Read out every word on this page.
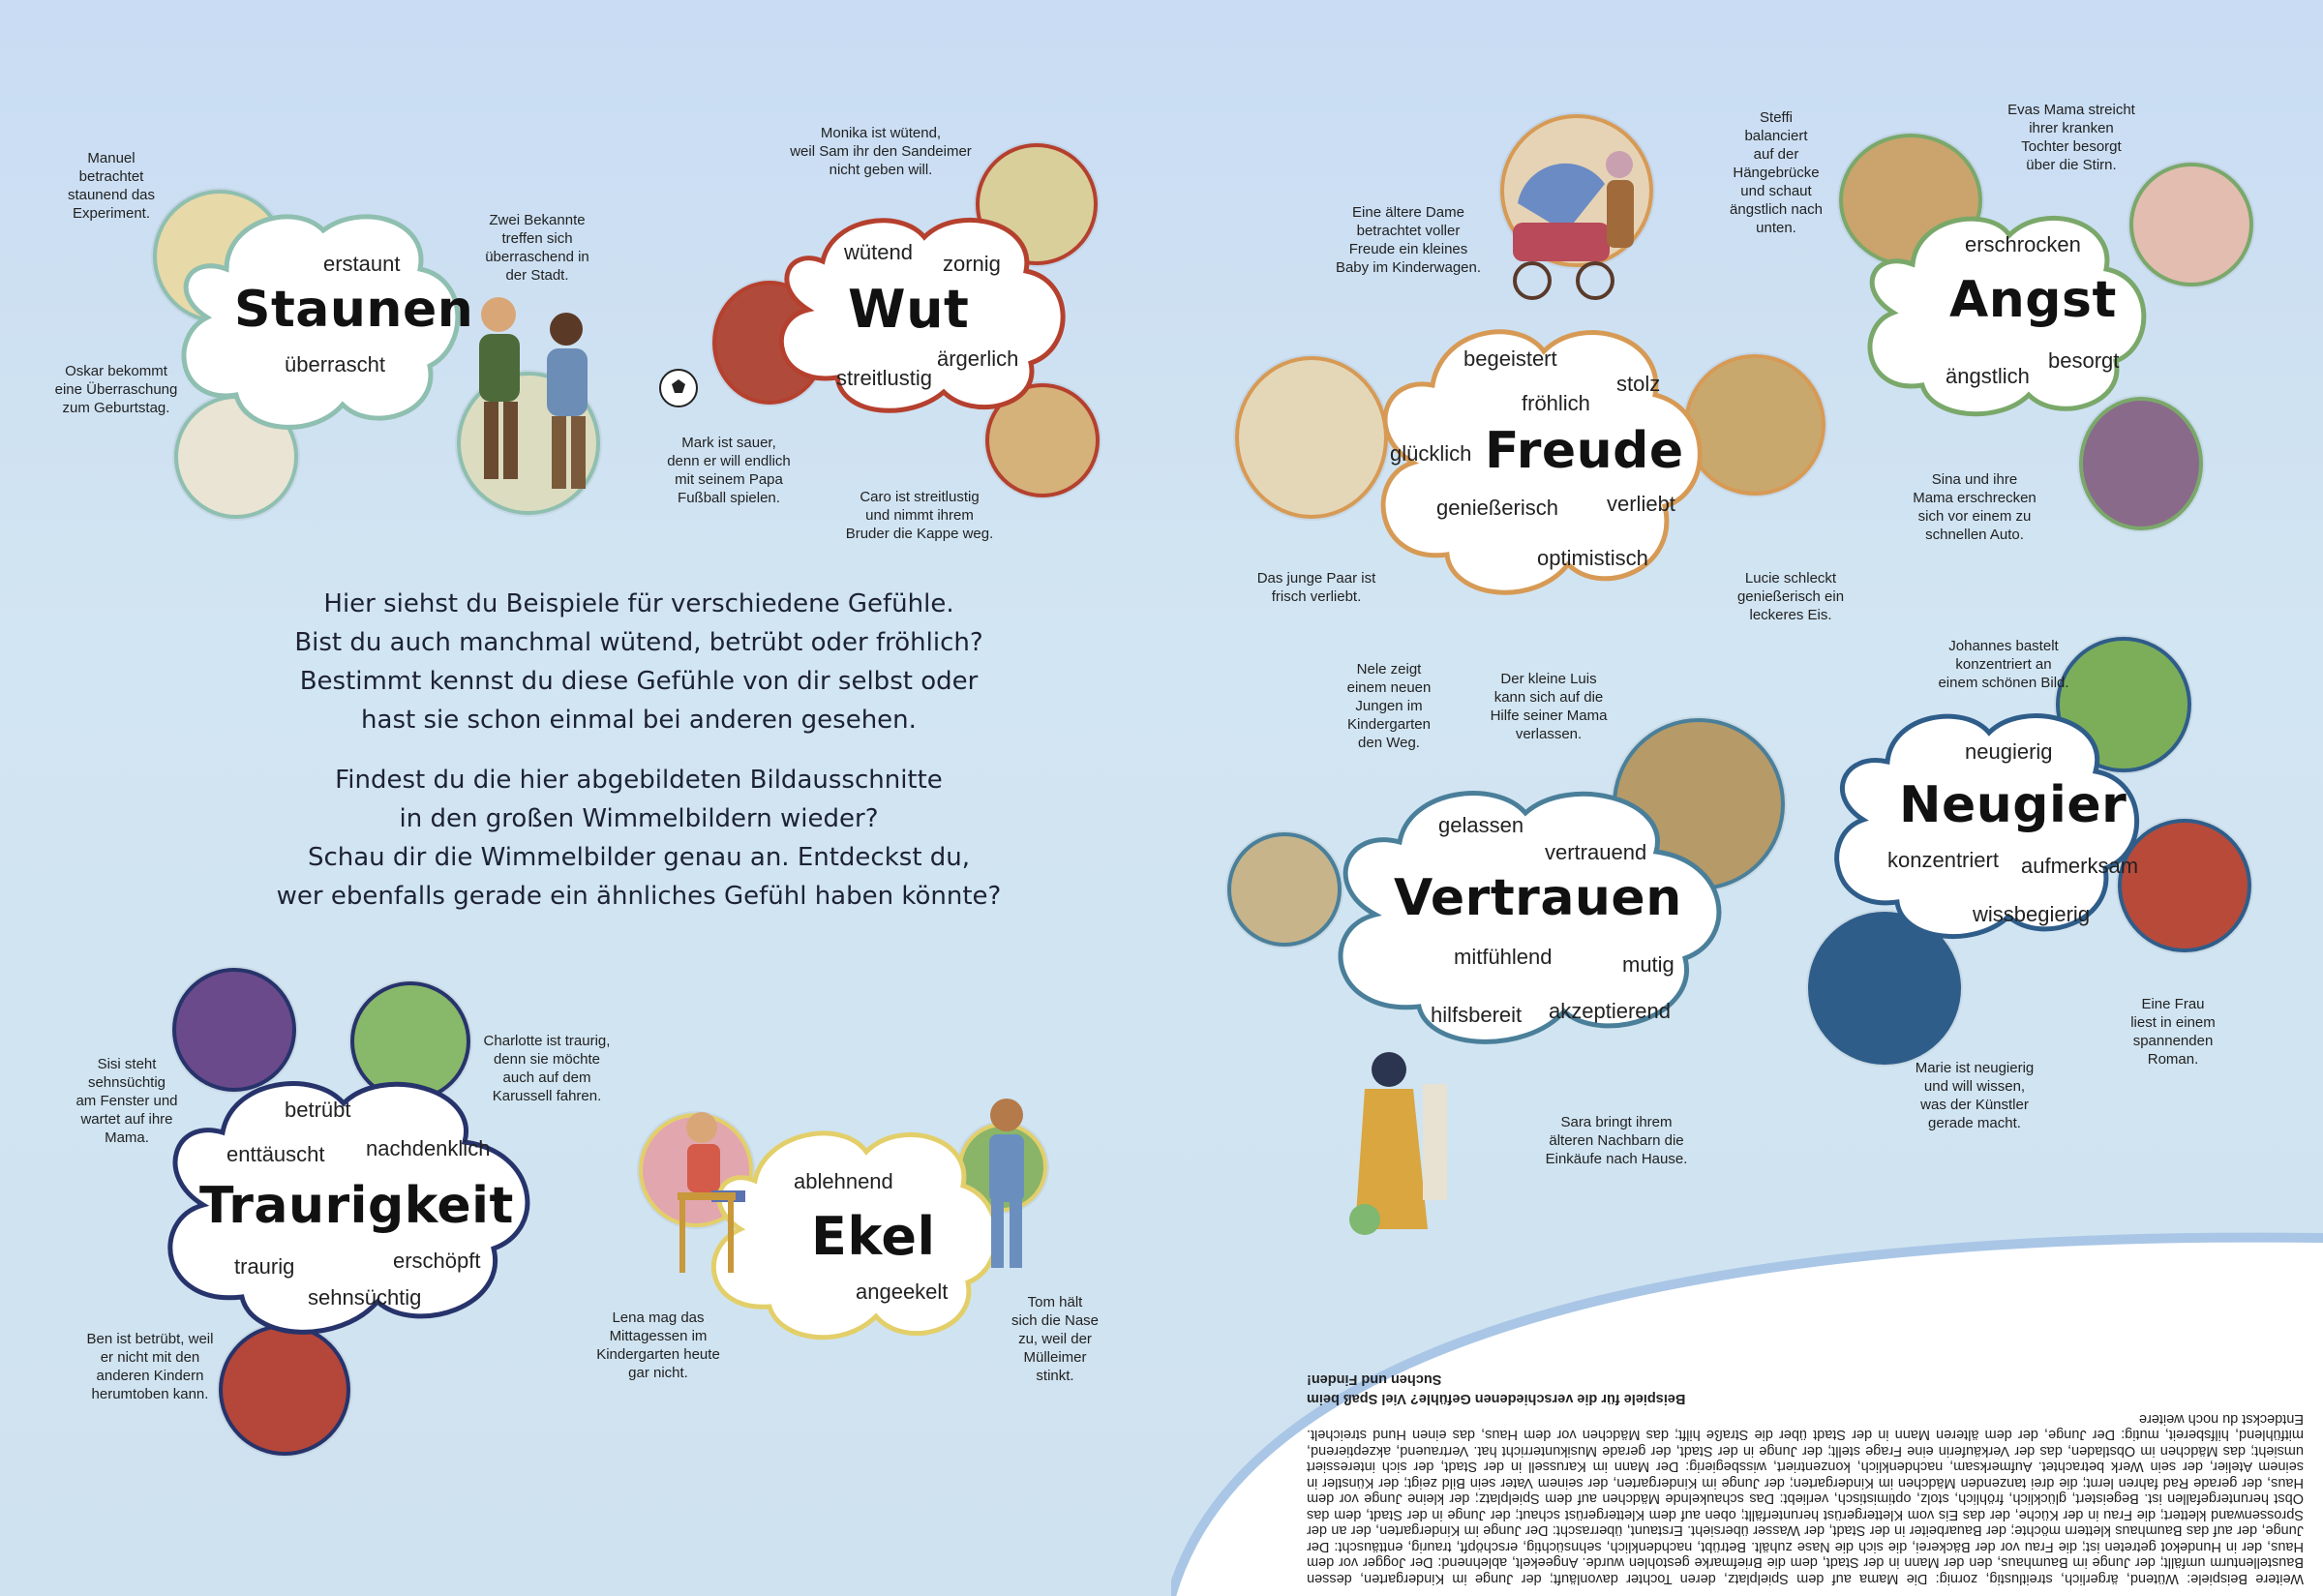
Hier siehst du Beispiele für verschiedene Gefühle.
Bist du auch manchmal wütend, betrübt oder fröhlich?
Bestimmt kennst du diese Gefühle von dir selbst oder
hast sie schon einmal bei anderen gesehen.

Findest du die hier abgebildeten Bildausschnitte
in den großen Wimmelbildern wieder?
Schau dir die Wimmelbilder genau an. Entdeckst du,
wer ebenfalls gerade ein ähnliches Gefühl haben könnte?

erstaunt
Staunen
überrascht
Manuel
betrachtet
staunend das
Experiment.	Zwei Bekannte
treffen sich
überraschend in
der Stadt.
Oskar bekommt
eine Überraschung
zum Geburtstag.
wütend zornig
Wut
ärgerlich
streitlustig
Monika ist wütend,
weil Sam ihr den Sandeimer
nicht geben will.
Mark ist sauer,
denn er will endlich
mit seinem Papa
Fußball spielen.	Caro ist streitlustig
und nimmt ihrem
Bruder die Kappe weg.
begeistert
stolz
fröhlich
glücklich Freude
genießerisch verliebt
optimistisch
Eine ältere Dame
betrachtet voller
Freude ein kleines
Baby im Kinderwagen.
Das junge Paar ist
frisch verliebt.
Lucie schleckt
genießerisch ein
leckeres Eis.
erschrocken
Angst
ängstlich
besorgt
Steffi
balanciert
auf der
Hängebrücke
und schaut
ängstlich nach
unten.
Evas Mama streicht
ihrer kranken
Tochter besorgt
über die Stirn.
Sina und ihre
Mama erschrecken
sich vor einem zu
schnellen Auto.
gelassen
vertrauend
Vertrauen
mitfühlend	mutig
hilfsbereit akzeptierend
Nele zeigt
einem neuen
Jungen im
Kindergarten
den Weg.
Der kleine Luis
kann sich auf die
Hilfe seiner Mama
verlassen.
Sara bringt ihrem
älteren Nachbarn die
Einkäufe nach Hause.
neugierig
Neugier
konzentriert aufmerksam
wissbegierig
Johannes bastelt
konzentriert an
einem schönen Bild.
Marie ist neugierig
und will wissen,
was der Künstler
gerade macht.
Eine Frau
liest in einem
spannenden
Roman.
betrübt
enttäuscht nachdenklich
Traurigkeit
traurig	erschöpft
sehnsüchtig
Sisi steht
sehnsüchtig
am Fenster und
wartet auf ihre
Mama.
Charlotte ist traurig,
denn sie möchte
auch auf dem
Karussell fahren.
Ben ist betrübt, weil
er nicht mit den
anderen Kindern
herumtoben kann.
ablehnend
Ekel
angeekelt
Lena mag das
Mittagessen im
Kindergarten heute
gar nicht.
Tom hält
sich die Nase
zu, weil der
Mülleimer
stinkt.

Weitere Beispiele: Wütend, ärgerlich, streitlustig, zornig: Die Mama auf dem Spielplatz, deren Tochter davonläuft; der Junge im Kindergarten, dessen Baustellenturm umfällt; der Junge im Baumhaus, den der Mann in der Stadt, dem die Briefmarke gestohlen wurde. Angeekelt, ablehnend: Der Jogger vor dem Haus, der in Hundekot getreten ist; die Frau vor der Bäckerei, die sich die Nase zuhält. Betrübt, nachdenklich, sehnsüchtig, erschöpft, traurig, enttäuscht: Der Junge, der auf das Baumhaus klettern möchte; der Bauarbeiter in der Stadt, der Wasser übersieht. Erstaunt, überrascht: Der Junge im Kindergarten, der an der Sprossenwand klettert; die Frau in der Küche, der das Eis vom Klettergerüst herunterfällt; oben auf dem Klettergerüst schaut; der Junge in der Stadt, dem das Obst heruntergefallen ist. Begeistert, glücklich, fröhlich, stolz, optimistisch, verliebt: Das schaukelnde Mädchen auf dem Spielplatz; der kleine Junge vor dem Haus, der gerade Rad fahren lernt; die drei tanzenden Mädchen im Kindergarten; der Junge im Kindergarten, der seinem Vater sein Bild zeigt; der Künstler in seinem Atelier, der sein Werk betrachtet. Aufmerksam, nachdenklich, konzentriert, wissbegierig: Der Mann im Karussell in der Stadt, der sich interessiert umsieht; das Mädchen im Obstladen, das der Verkäuferin eine Frage stellt; der Junge in der Stadt, der gerade Musikunterricht hat. Vertrauend, akzeptierend, mitfühlend, hilfsbereit, mutig: Der Junge, der dem älteren Mann in der Stadt über die Straße hilft; das Mädchen vor dem Haus, das einen Hund streichelt. Entdeckst du noch weitere

Beispiele für die verschiedenen Gefühle? Viel Spaß beim

Suchen und Finden!
